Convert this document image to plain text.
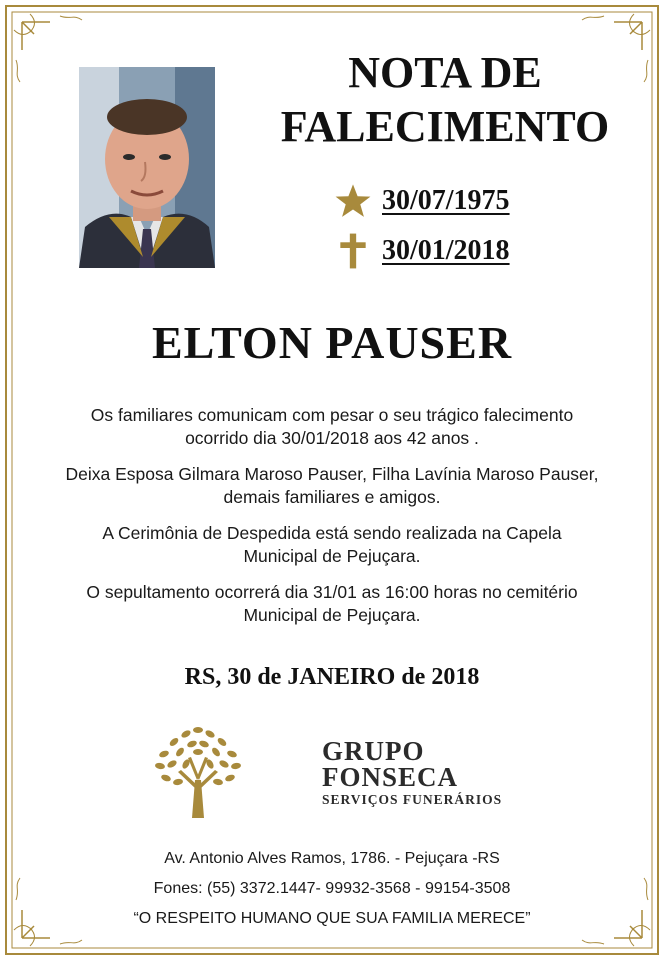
NOTA DE
FALECIMENTO
30/07/1975
30/01/2018
ELTON PAUSER
Os familiares comunicam com pesar o seu trágico falecimento
ocorrido dia 30/01/2018 aos 42 anos .
Deixa Esposa Gilmara Maroso Pauser, Filha Lavínia Maroso Pauser,
demais familiares e amigos.
A Cerimônia de Despedida está sendo realizada na Capela
Municipal de Pejuçara.
O sepultamento ocorrerá dia 31/01 as 16:00 horas no cemitério
Municipal de Pejuçara.
RS, 30 de JANEIRO de 2018
GRUPO
FONSECA
SERVIÇOS FUNERÁRIOS
Av. Antonio Alves Ramos, 1786. - Pejuçara -RS
Fones: (55) 3372.1447- 99932-3568 - 99154-3508
“O RESPEITO HUMANO QUE SUA FAMILIA MERECE”
